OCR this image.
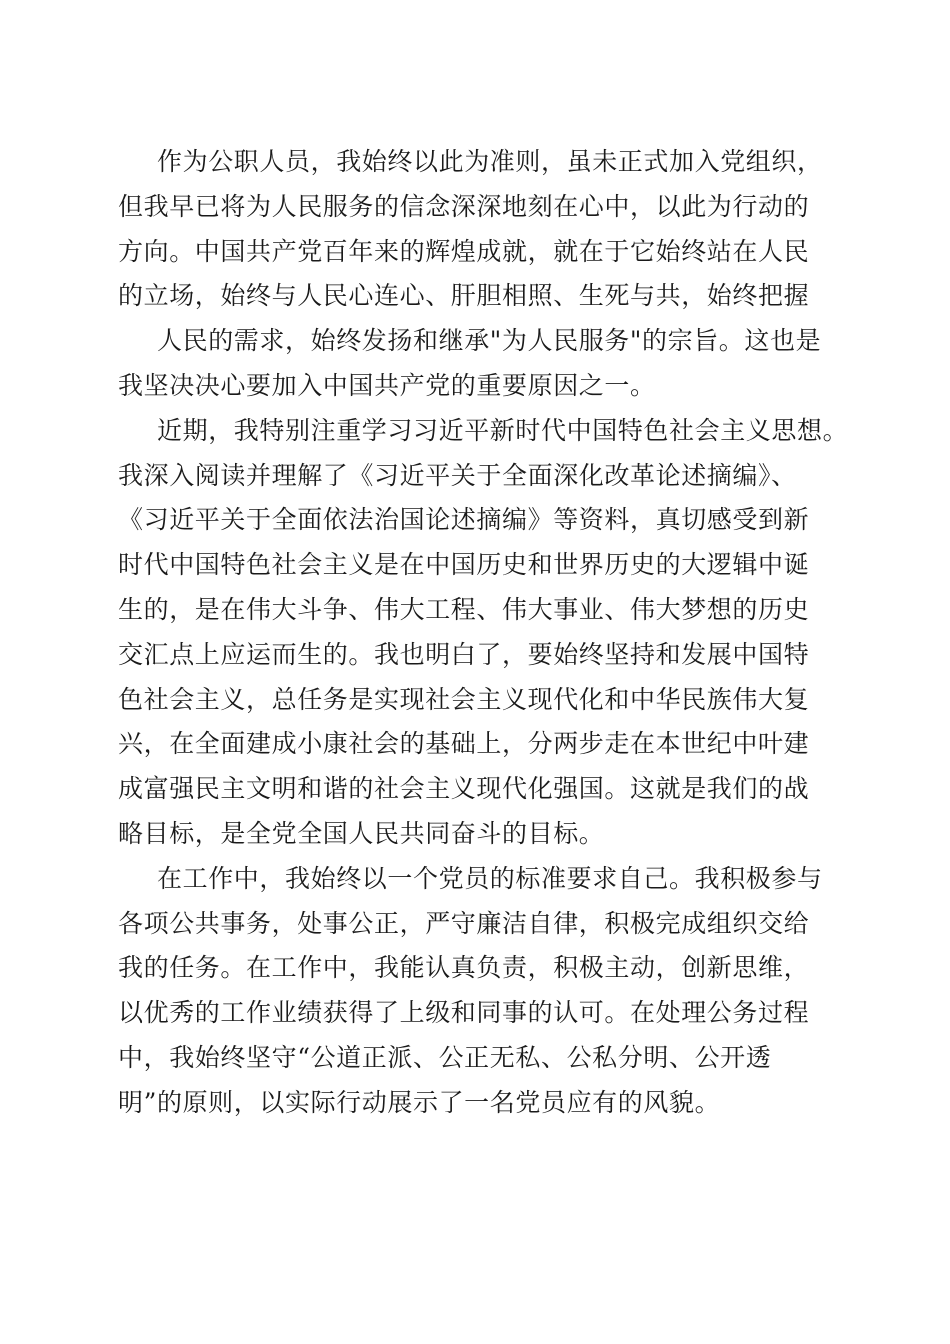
作为公职人员，我始终以此为准则，虽未正式加入党组织，
但我早已将为人民服务的信念深深地刻在心中，以此为行动的
方向。中国共产党百年来的辉煌成就，就在于它始终站在人民
的立场，始终与人民心连心、肝胆相照、生死与共，始终把握
人民的需求，始终发扬和继承"为人民服务"的宗旨。这也是
我坚决决心要加入中国共产党的重要原因之一。
近期，我特别注重学习习近平新时代中国特色社会主义思想。
我深入阅读并理解了《习近平关于全面深化改革论述摘编》、
《习近平关于全面依法治国论述摘编》等资料，真切感受到新
时代中国特色社会主义是在中国历史和世界历史的大逻辑中诞
生的，是在伟大斗争、伟大工程、伟大事业、伟大梦想的历史
交汇点上应运而生的。我也明白了，要始终坚持和发展中国特
色社会主义，总任务是实现社会主义现代化和中华民族伟大复
兴，在全面建成小康社会的基础上，分两步走在本世纪中叶建
成富强民主文明和谐的社会主义现代化强国。这就是我们的战
略目标，是全党全国人民共同奋斗的目标。
在工作中，我始终以一个党员的标准要求自己。我积极参与
各项公共事务，处事公正，严守廉洁自律，积极完成组织交给
我的任务。在工作中，我能认真负责，积极主动，创新思维，
以优秀的工作业绩获得了上级和同事的认可。在处理公务过程
中，我始终坚守“公道正派、公正无私、公私分明、公开透
明”的原则，以实际行动展示了一名党员应有的风貌。
